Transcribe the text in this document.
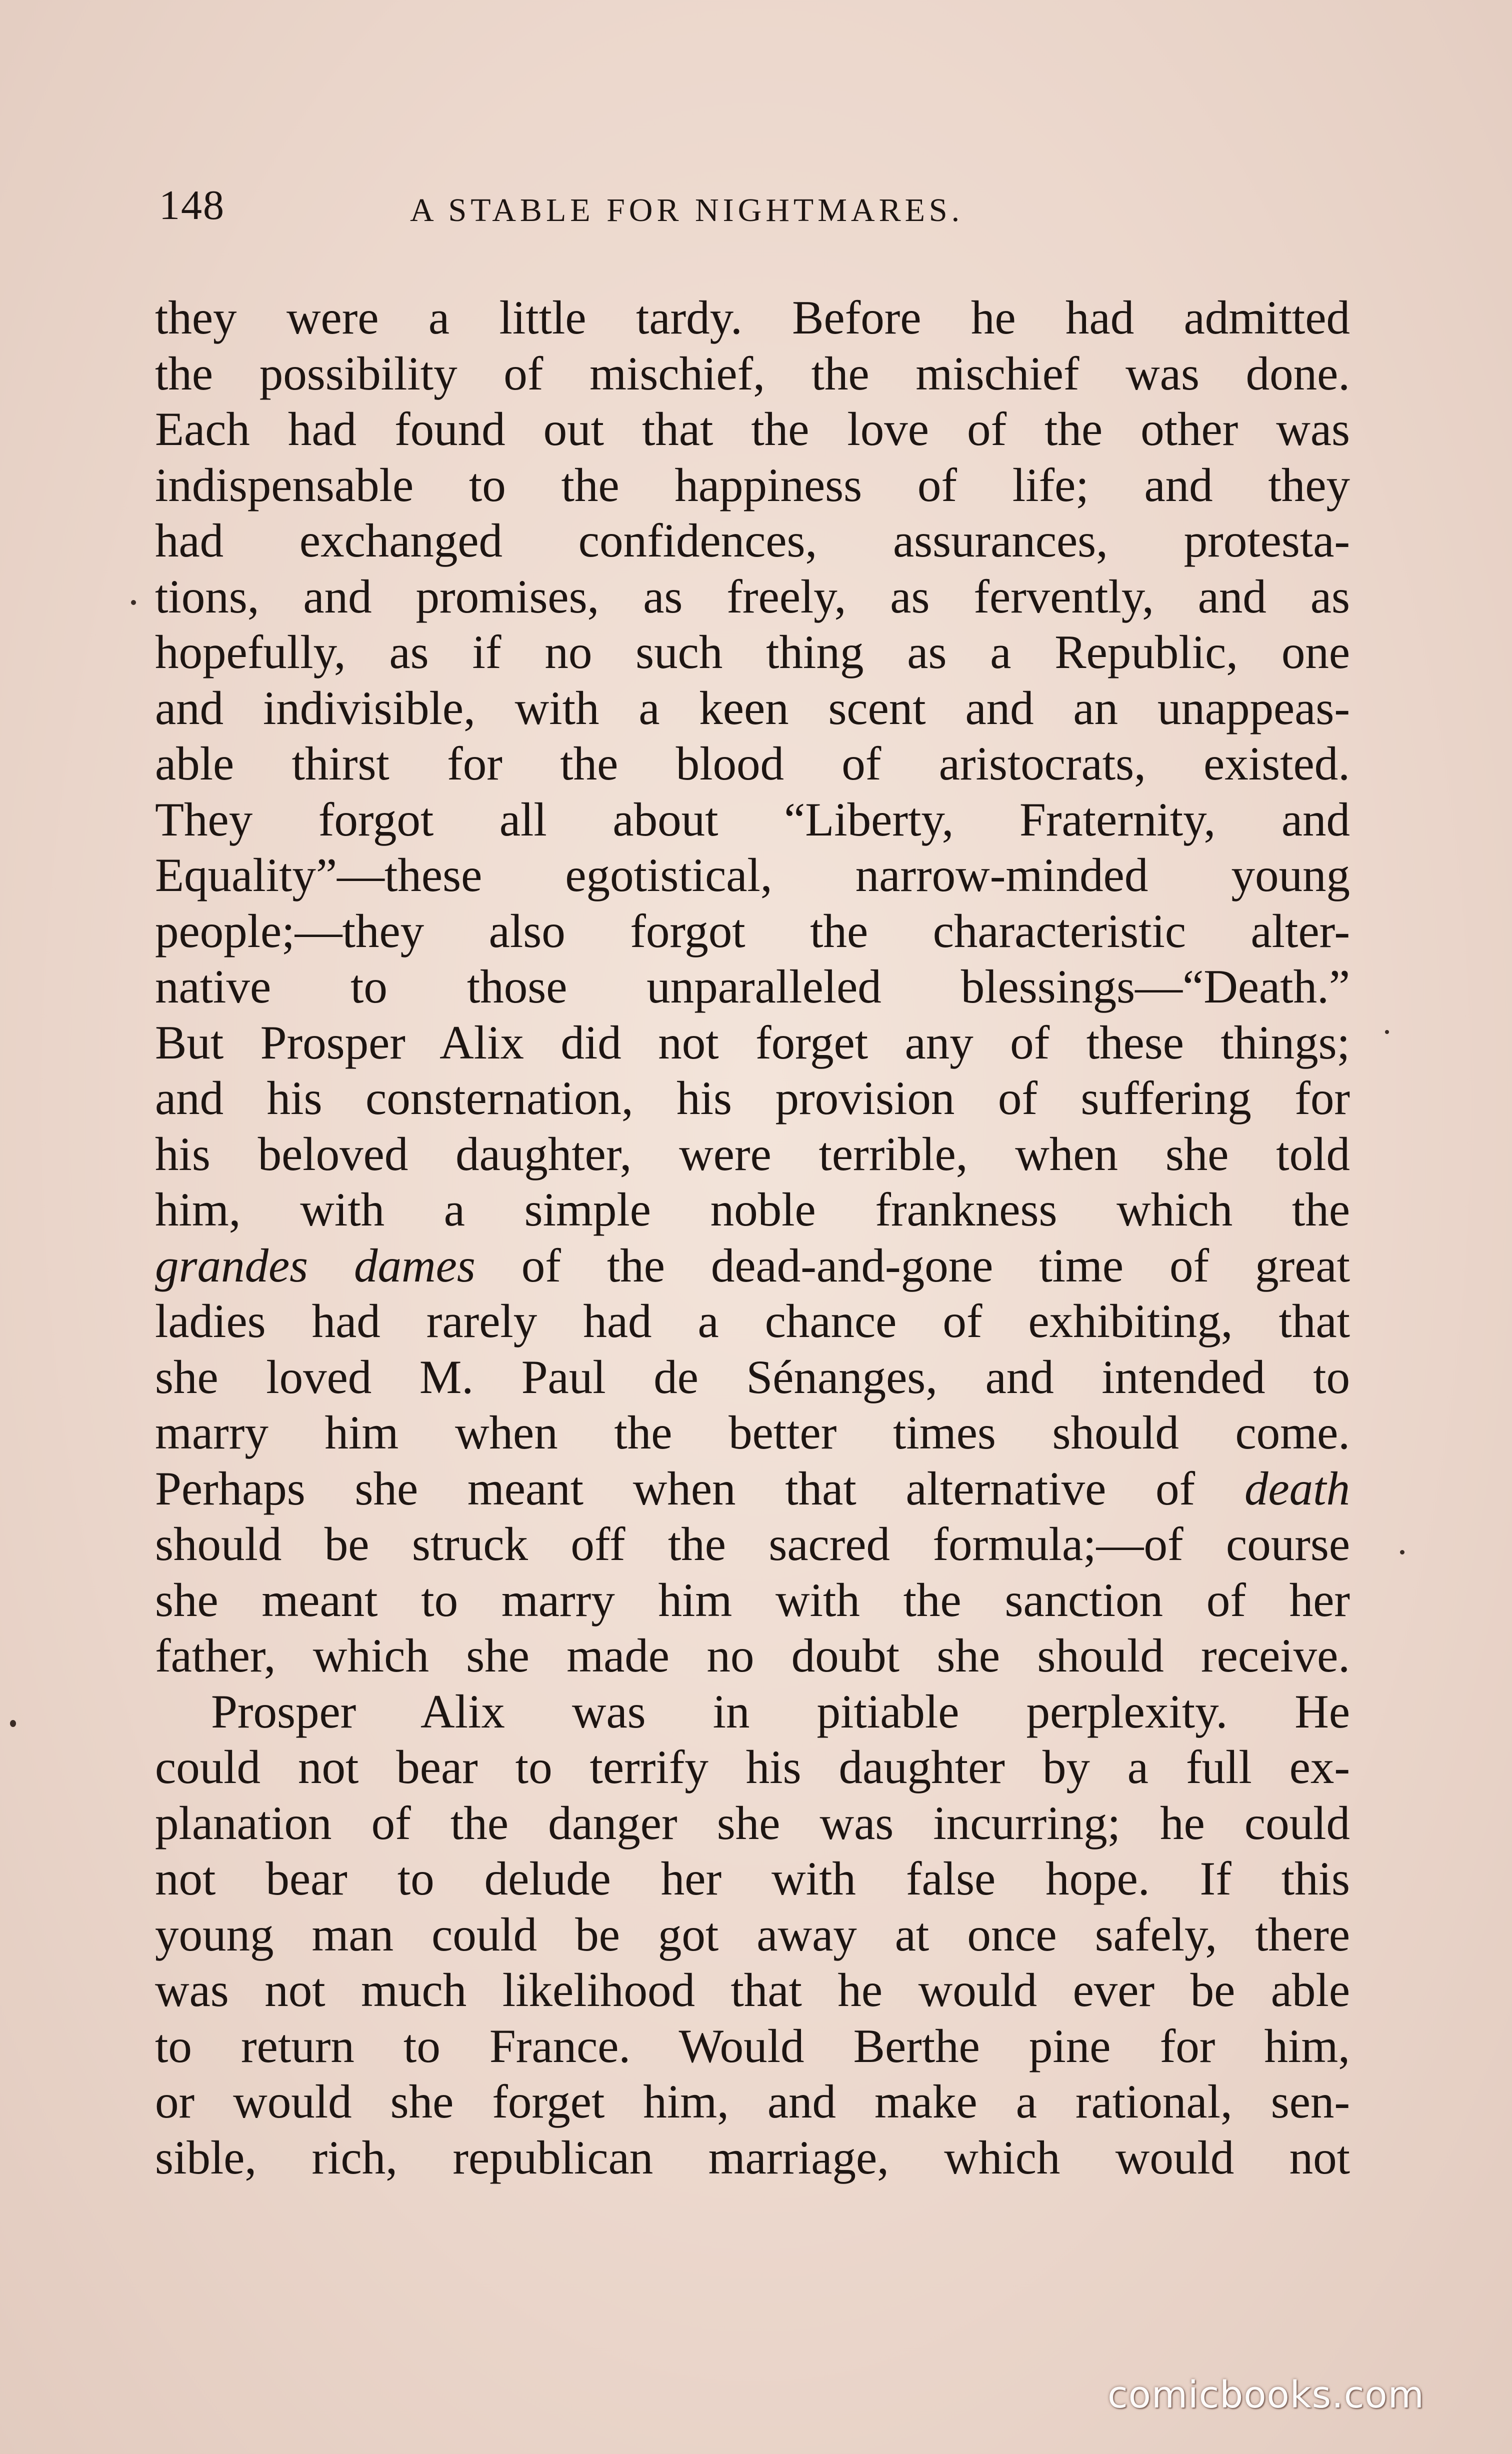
148	A STABLE FOR NIGHTMARES.
they were a little tardy. Before he had admitted
the possibility of mischief, the mischief was done.
Each had found out that the love of the other was
indispensable to the happiness of life; and they
had exchanged confidences, assurances, protesta-
tions, and promises, as freely, as fervently, and as
hopefully, as if no such thing as a Republic, one
and indivisible, with a keen scent and an unappeas-
able thirst for the blood of aristocrats, existed.
They forgot all about “Liberty, Fraternity, and
Equality”—these egotistical, narrow-minded young
people;—they also forgot the characteristic alter-
native to those unparalleled blessings—“Death.”
But Prosper Alix did not forget any of these things;
and his consternation, his provision of suffering for
his beloved daughter, were terrible, when she told
him, with a simple noble frankness which the
grandes dames of the dead-and-gone time of great
ladies had rarely had a chance of exhibiting, that
she loved M. Paul de Sénanges, and intended to
marry him when the better times should come.
Perhaps she meant when that alternative of death
should be struck off the sacred formula;—of course
she meant to marry him with the sanction of her
father, which she made no doubt she should receive.
Prosper Alix was in pitiable perplexity. He
could not bear to terrify his daughter by a full ex-
planation of the danger she was incurring; he could
not bear to delude her with false hope. If this
young man could be got away at once safely, there
was not much likelihood that he would ever be able
to return to France. Would Berthe pine for him,
or would she forget him, and make a rational, sen-
sible, rich, republican marriage, which would not
comicbooks.com
